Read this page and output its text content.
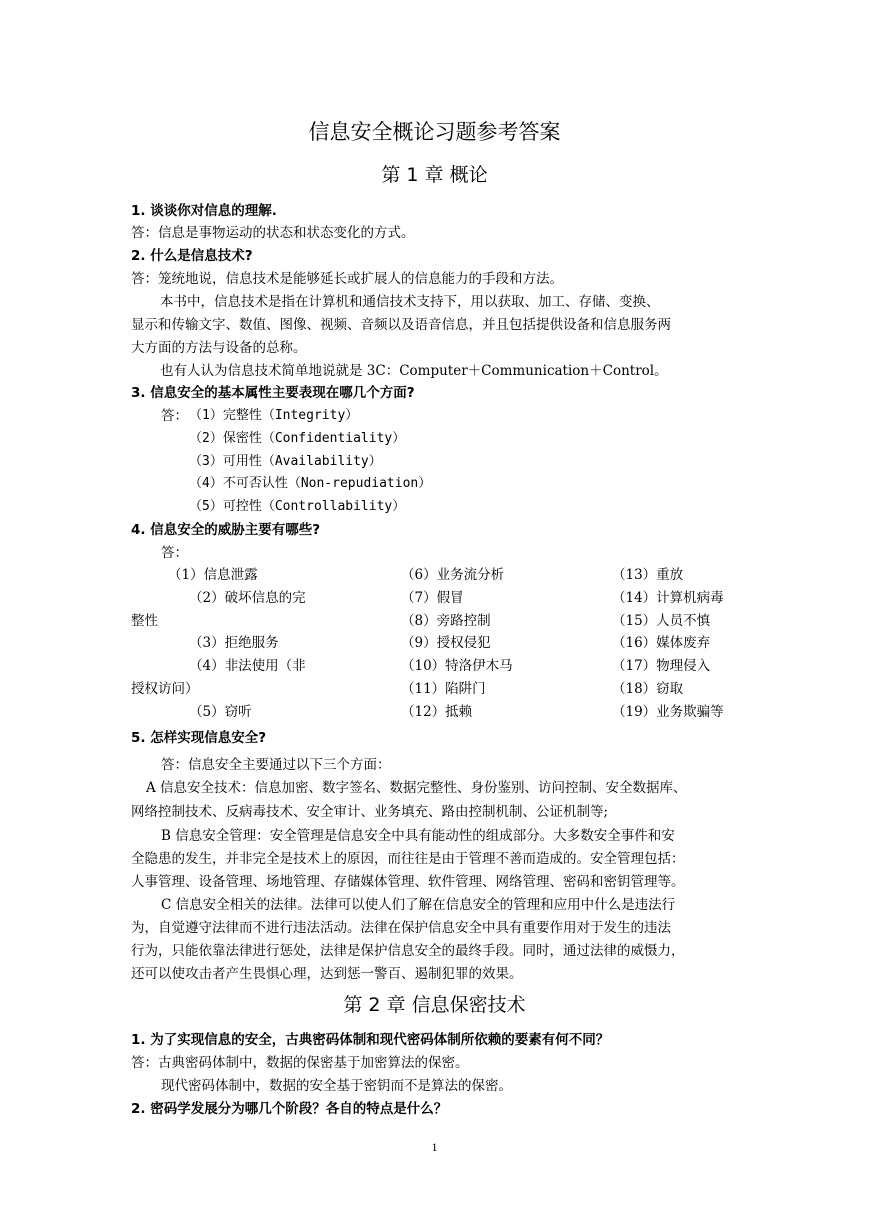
信息安全概论习题参考答案
第 1 章 概论
1. 谈谈你对信息的理解.
答：信息是事物运动的状态和状态变化的方式。
2. 什么是信息技术?
答：笼统地说，信息技术是能够延长或扩展人的信息能力的手段和方法。
本书中，信息技术是指在计算机和通信技术支持下，用以获取、加工、存储、变换、
显示和传输文字、数值、图像、视频、音频以及语音信息，并且包括提供设备和信息服务两
大方面的方法与设备的总称。
也有人认为信息技术简单地说就是 3C：Computer＋Communication＋Control。
3. 信息安全的基本属性主要表现在哪几个方面?
答： （1）完整性（Integrity）
（2）保密性（Confidentiality）
（3）可用性（Availability）
（4）不可否认性（Non-repudiation）
（5）可控性（Controllability）
4. 信息安全的威胁主要有哪些?
答：
（1）信息泄露
（2）破坏信息的完
整性
（3）拒绝服务
（4）非法使用（非
授权访问）
（5）窃听
（6）业务流分析
（7）假冒
（8）旁路控制
（9）授权侵犯
（10）特洛伊木马
（11）陷阱门
（12）抵赖
（13）重放
（14）计算机病毒
（15）人员不慎
（16）媒体废弃
（17）物理侵入
（18）窃取
（19）业务欺骗等
5. 怎样实现信息安全?
答：信息安全主要通过以下三个方面：
A 信息安全技术：信息加密、数字签名、数据完整性、身份鉴别、访问控制、安全数据库、
网络控制技术、反病毒技术、安全审计、业务填充、路由控制机制、公证机制等;
B 信息安全管理：安全管理是信息安全中具有能动性的组成部分。大多数安全事件和安
全隐患的发生，并非完全是技术上的原因，而往往是由于管理不善而造成的。安全管理包括：
人事管理、设备管理、场地管理、存储媒体管理、软件管理、网络管理、密码和密钥管理等。
C 信息安全相关的法律。法律可以使人们了解在信息安全的管理和应用中什么是违法行
为，自觉遵守法律而不进行违法活动。法律在保护信息安全中具有重要作用对于发生的违法
行为，只能依靠法律进行惩处，法律是保护信息安全的最终手段。同时，通过法律的威慑力，
还可以使攻击者产生畏惧心理，达到惩一警百、遏制犯罪的效果。
第 2 章 信息保密技术
1. 为了实现信息的安全，古典密码体制和现代密码体制所依赖的要素有何不同？
答：古典密码体制中，数据的保密基于加密算法的保密。
现代密码体制中，数据的安全基于密钥而不是算法的保密。
2. 密码学发展分为哪几个阶段？各自的特点是什么？
1
